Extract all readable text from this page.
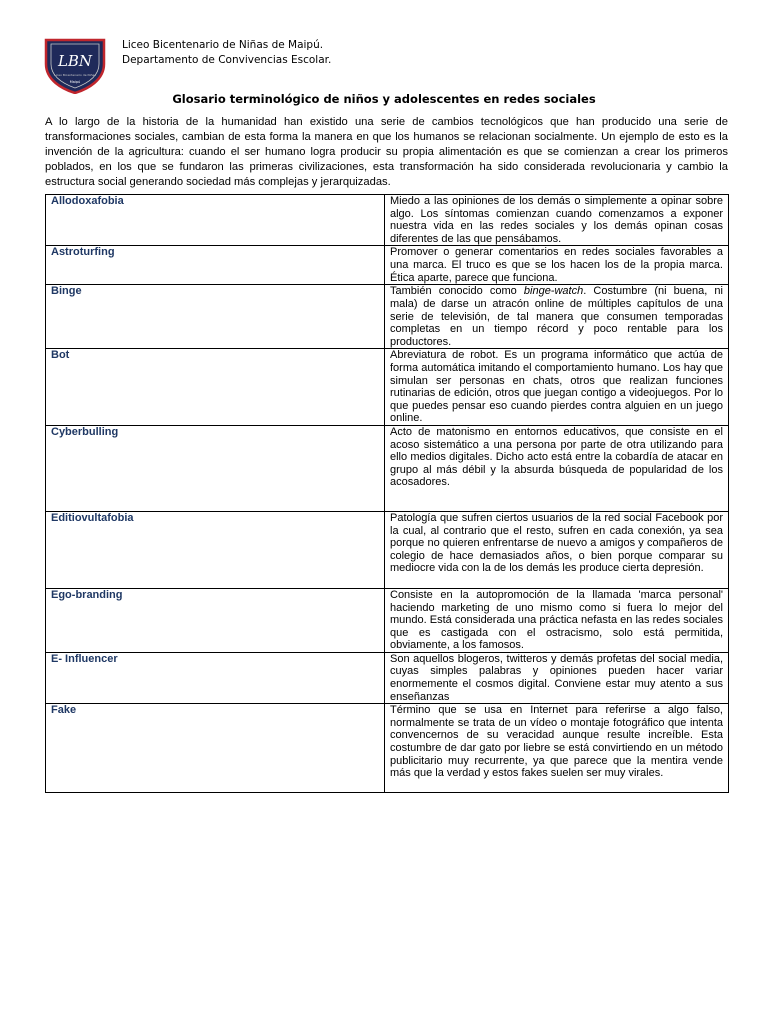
LBN
Liceo Bicentenario de Niñas
Maipú
Liceo Bicentenario de Niñas de Maipú.
Departamento de Convivencias Escolar.
Glosario terminológico de niños y adolescentes en redes sociales
A lo largo de la historia de la humanidad han existido una serie de cambios tecnológicos que han producido una serie de transformaciones sociales, cambian de esta forma la manera en que los humanos se relacionan socialmente. Un ejemplo de esto es la invención de la agricultura: cuando el ser humano logra producir su propia alimentación es que se comienzan a crear los primeros poblados, en los que se fundaron las primeras civilizaciones, esta transformación ha sido considerada revolucionaria y cambio la estructura social generando sociedad más complejas y jerarquizadas.
Allodoxafobia	Miedo a las opiniones de los demás o simplemente a opinar sobre algo. Los síntomas comienzan cuando comenzamos a exponer nuestra vida en las redes sociales y los demás opinan cosas diferentes de las que pensábamos.
Astroturfing	Promover o generar comentarios en redes sociales favorables a una marca. El truco es que se los hacen los de la propia marca. Ética aparte, parece que funciona.
Binge	También conocido como binge-watch. Costumbre (ni buena, ni mala) de darse un atracón online de múltiples capítulos de una serie de televisión, de tal manera que consumen temporadas completas en un tiempo récord y poco rentable para los productores.
Bot	Abreviatura de robot. Es un programa informático que actúa de forma automática imitando el comportamiento humano. Los hay que simulan ser personas en chats, otros que realizan funciones rutinarias de edición, otros que juegan contigo a videojuegos. Por lo que puedes pensar eso cuando pierdes contra alguien en un juego online.
Cyberbulling	Acto de matonismo en entornos educativos, que consiste en el acoso sistemático a una persona por parte de otra utilizando para ello medios digitales. Dicho acto está entre la cobardía de atacar en grupo al más débil y la absurda búsqueda de popularidad de los acosadores.
Editiovultafobia	Patología que sufren ciertos usuarios de la red social Facebook por la cual, al contrario que el resto, sufren en cada conexión, ya sea porque no quieren enfrentarse de nuevo a amigos y compañeros de colegio de hace demasiados años, o bien porque comparar su mediocre vida con la de los demás les produce cierta depresión.
Ego-branding	Consiste en la autopromoción de la llamada 'marca personal' haciendo marketing de uno mismo como si fuera lo mejor del mundo. Está considerada una práctica nefasta en las redes sociales que es castigada con el ostracismo, solo está permitida, obviamente, a los famosos.
E- Influencer	Son aquellos blogeros, twitteros y demás profetas del social media, cuyas simples palabras y opiniones pueden hacer variar enormemente el cosmos digital. Conviene estar muy atento a sus enseñanzas
Fake	Término que se usa en Internet para referirse a algo falso, normalmente se trata de un vídeo o montaje fotográfico que intenta convencernos de su veracidad aunque resulte increíble. Esta costumbre de dar gato por liebre se está convirtiendo en un método publicitario muy recurrente, ya que parece que la mentira vende más que la verdad y estos fakes suelen ser muy virales.
